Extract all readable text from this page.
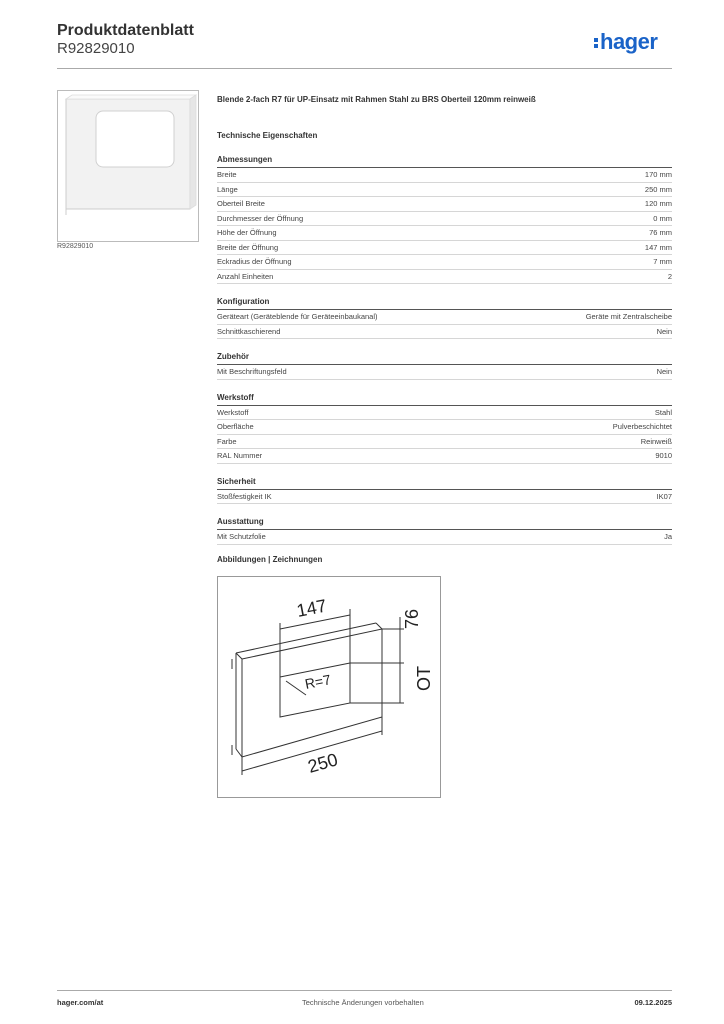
Produktdatenblatt
R92829010	hager
R92829010
Blende 2-fach R7 für UP-Einsatz mit Rahmen Stahl zu BRS Oberteil 120mm reinweiß
Technische Eigenschaften
Abmessungen
Breite	170 mm
Länge	250 mm
Oberteil Breite	120 mm
Durchmesser der Öffnung	0 mm
Höhe der Öffnung	76 mm
Breite der Öffnung	147 mm
Eckradius der Öffnung	7 mm
Anzahl Einheiten	2
Konfiguration
Geräteart (Geräteblende für Geräteeinbaukanal)	Geräte mit Zentralscheibe
Schnittkaschierend	Nein
Zubehör
Mit Beschriftungsfeld	Nein
Werkstoff
Werkstoff	Stahl
Oberfläche	Pulverbeschichtet
Farbe	Reinweiß
RAL Nummer	9010
Sicherheit
Stoßfestigkeit IK	IK07
Ausstattung
Mit Schutzfolie	Ja
Abbildungen | Zeichnungen
147	76
OT
R=7
250
hager.com/at	Technische Änderungen vorbehalten	09.12.2025
